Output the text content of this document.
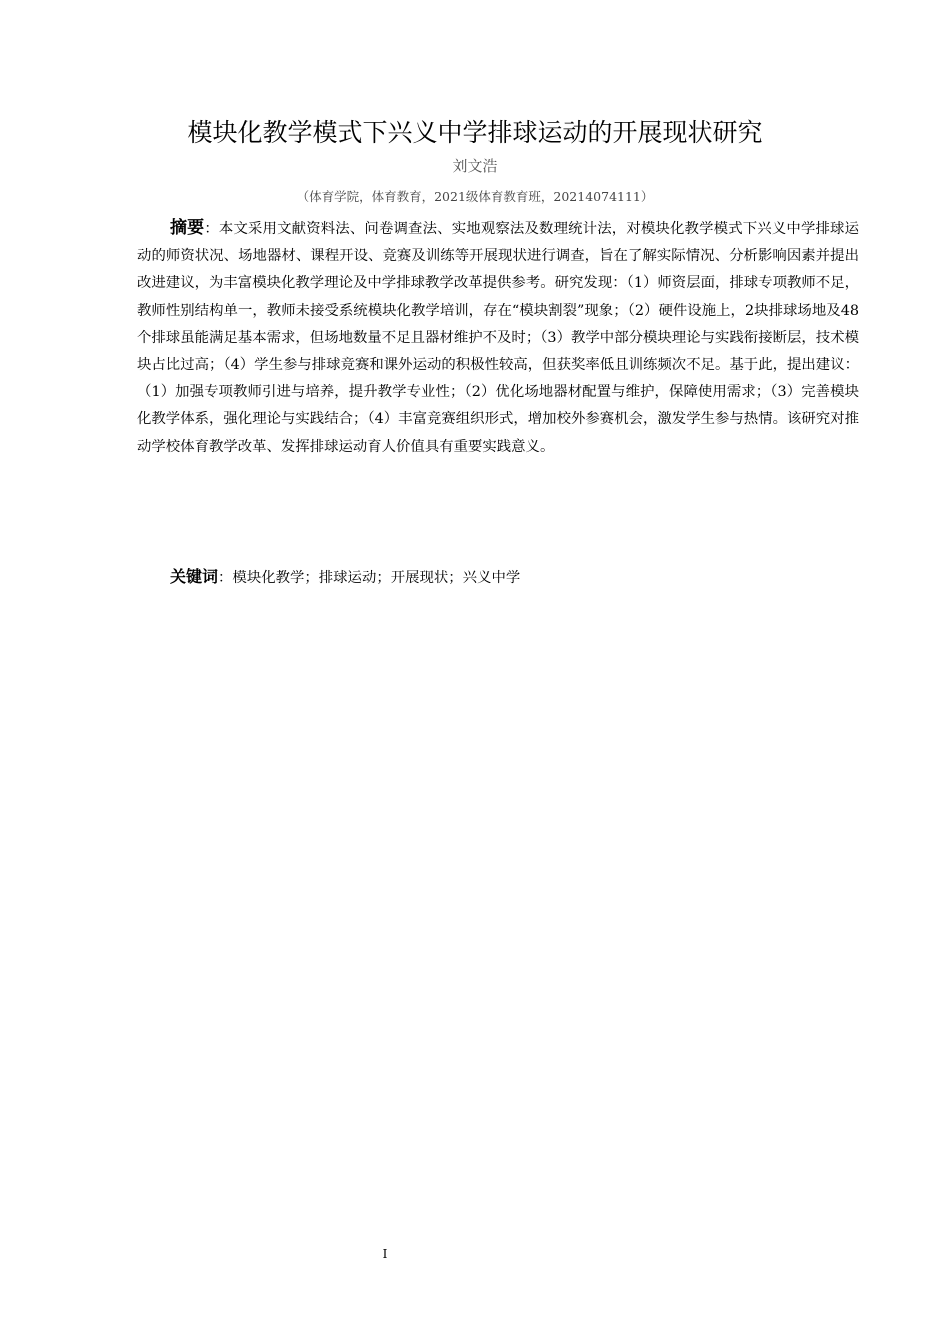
模块化教学模式下兴义中学排球运动的开展现状研究
刘文浩
（体育学院，体育教育，2021级体育教育班，20214074111）

摘要：本文采用文献资料法、问卷调查法、实地观察法及数理统计法，对模块化教学模式下兴义中学排球运动的师资状况、场地器材、课程开设、竞赛及训练等开展现状进行调查，旨在了解实际情况、分析影响因素并提出改进建议，为丰富模块化教学理论及中学排球教学改革提供参考。研究发现：（1）师资层面，排球专项教师不足，教师性别结构单一，教师未接受系统模块化教学培训，存在“模块割裂”现象；（2）硬件设施上，2块排球场地及48个排球虽能满足基本需求，但场地数量不足且器材维护不及时；（3）教学中部分模块理论与实践衔接断层，技术模块占比过高；（4）学生参与排球竞赛和课外运动的积极性较高，但获奖率低且训练频次不足。基于此，提出建议：（1）加强专项教师引进与培养，提升教学专业性；（2）优化场地器材配置与维护，保障使用需求；（3）完善模块化教学体系，强化理论与实践结合；（4）丰富竞赛组织形式，增加校外参赛机会，激发学生参与热情。该研究对推动学校体育教学改革、发挥排球运动育人价值具有重要实践意义。

关键词：模块化教学；排球运动；开展现状；兴义中学

I
